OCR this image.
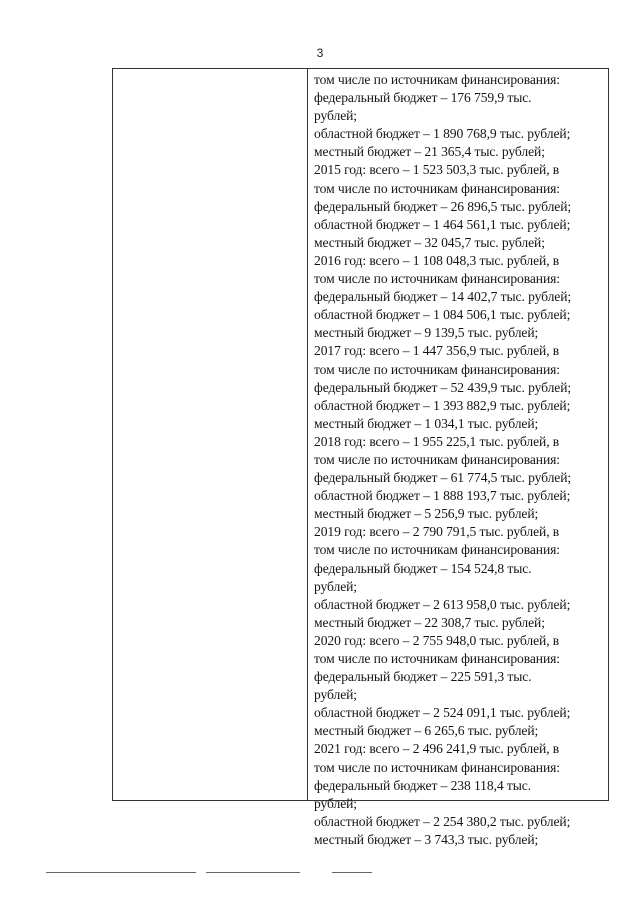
3
том числе по источникам финансирования:
федеральный бюджет – 176 759,9 тыс.
рублей;
областной бюджет – 1 890 768,9 тыс. рублей;
местный бюджет – 21 365,4 тыс. рублей;
2015 год: всего – 1 523 503,3 тыс. рублей, в
том числе по источникам финансирования:
федеральный бюджет – 26 896,5 тыс. рублей;
областной бюджет – 1 464 561,1 тыс. рублей;
местный бюджет – 32 045,7 тыс. рублей;
2016 год: всего – 1 108 048,3 тыс. рублей, в
том числе по источникам финансирования:
федеральный бюджет – 14 402,7 тыс. рублей;
областной бюджет – 1 084 506,1 тыс. рублей;
местный бюджет – 9 139,5 тыс. рублей;
2017 год: всего – 1 447 356,9 тыс. рублей, в
том числе по источникам финансирования:
федеральный бюджет – 52 439,9 тыс. рублей;
областной бюджет – 1 393 882,9 тыс. рублей;
местный бюджет – 1 034,1 тыс. рублей;
2018 год: всего – 1 955 225,1 тыс. рублей, в
том числе по источникам финансирования:
федеральный бюджет – 61 774,5 тыс. рублей;
областной бюджет – 1 888 193,7 тыс. рублей;
местный бюджет – 5 256,9 тыс. рублей;
2019 год: всего – 2 790 791,5 тыс. рублей, в
том числе по источникам финансирования:
федеральный бюджет – 154 524,8 тыс.
рублей;
областной бюджет – 2 613 958,0 тыс. рублей;
местный бюджет – 22 308,7 тыс. рублей;
2020 год: всего – 2 755 948,0 тыс. рублей, в
том числе по источникам финансирования:
федеральный бюджет – 225 591,3 тыс.
рублей;
областной бюджет – 2 524 091,1 тыс. рублей;
местный бюджет – 6 265,6 тыс. рублей;
2021 год: всего – 2 496 241,9 тыс. рублей, в
том числе по источникам финансирования:
федеральный бюджет – 238 118,4 тыс.
рублей;
областной бюджет – 2 254 380,2 тыс. рублей;
местный бюджет – 3 743,3 тыс. рублей;
